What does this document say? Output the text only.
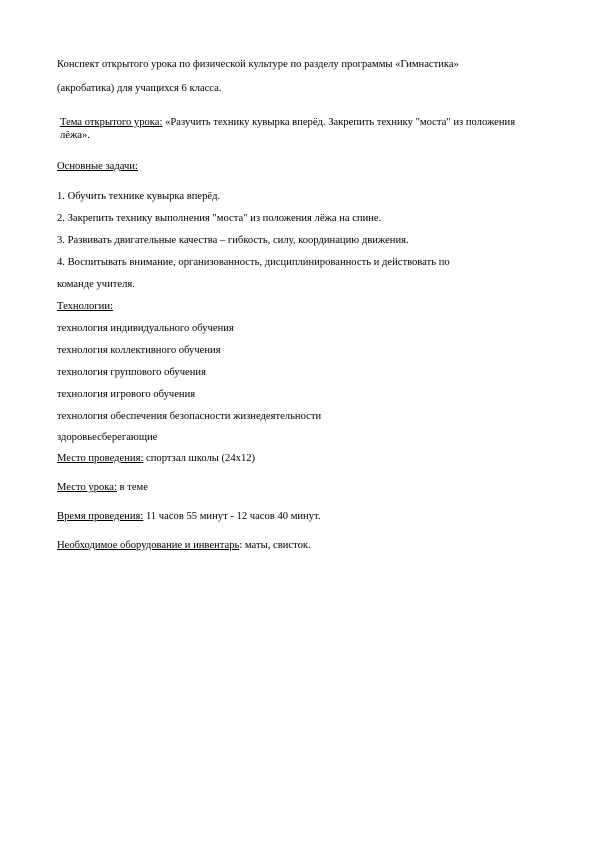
Конспект открытого урока по физической культуре по разделу программы «Гимнастика»
(акробатика) для учащихся 6 класса.
Тема открытого урока: «Разучить технику кувырка вперёд. Закрепить технику "моста" из положения лёжа».
Основные задачи:
1. Обучить технике кувырка вперёд.
2. Закрепить технику выполнения "моста" из положения лёжа на спине.
3. Развивать двигательные качества – гибкость, силу, координацию движения.
4. Воспитывать внимание, организованность, дисциплинированность и действовать по
команде учителя.
Технологии:
технология индивидуального обучения
технология коллективного обучения
технология группового обучения
технология игрового обучения
технология обеспечения безопасности жизнедеятельности
здоровьесберегающие
Место проведения: спортзал школы (24х12)
Место урока: в теме
Время проведения: 11 часов 55 минут - 12 часов 40 минут.
Необходимое оборудование и инвентарь: маты, свисток.
